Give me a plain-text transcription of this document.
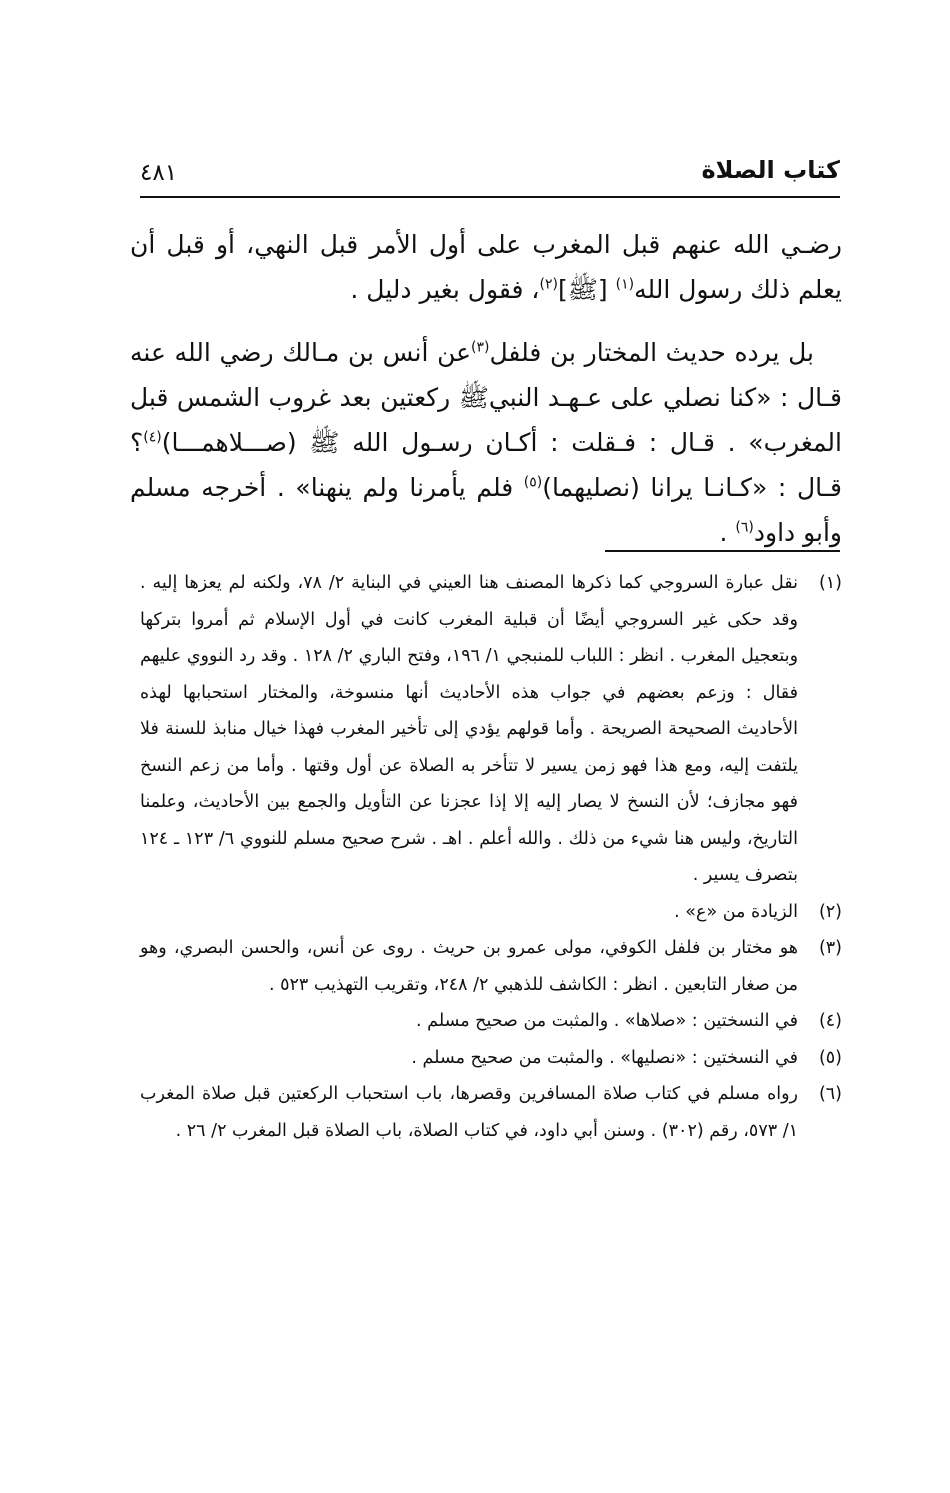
كتاب الصلاة
٤٨١

رضـي الله عنهم قبل المغرب على أول الأمر قبل النهي، أو قبل أن يعلم ذلك رسول الله$^{(١)}$ [ﷺ]$^{(٢)}$، فقول بغير دليل .

بل يرده حديث المختار بن فلفل$^{(٣)}$عن أنس بن مـالك رضي الله عنه قـال : «كنا نصلي على عـهـد النبيﷺ ركعتين بعد غروب الشمس قبل المغرب» . قـال : فـقلت : أكـان رسـول الله ﷺ (صـــلاهمـــا)$^{(٤)}$؟ قـال : «كـانـا يرانا (نصليهما)$^{(٥)}$ فلم يأمرنا ولم ينهنا» . أخرجه مسلم وأبو داود$^{(٦)}$ .

(١)
نقل عبارة السروجي كما ذكرها المصنف هنا العيني في البناية ٢/ ٧٨، ولكنه لم يعزها إليه . وقد حكى غير السروجي أيضًا أن قبلية المغرب كانت في أول الإسلام ثم أمروا بتركها وبتعجيل المغرب . انظر : اللباب للمنبجي ١/ ١٩٦، وفتح الباري ٢/ ١٢٨ . وقد رد النووي عليهم فقال : وزعم بعضهم في جواب هذه الأحاديث أنها منسوخة، والمختار استحبابها لهذه الأحاديث الصحيحة الصريحة . وأما قولهم يؤدي إلى تأخير المغرب فهذا خيال منابذ للسنة فلا يلتفت إليه، ومع هذا فهو زمن يسير لا تتأخر به الصلاة عن أول وقتها . وأما من زعم النسخ فهو مجازف؛ لأن النسخ لا يصار إليه إلا إذا عجزنا عن التأويل والجمع بين الأحاديث، وعلمنا التاريخ، وليس هنا شيء من ذلك . والله أعلم . اهـ . شرح صحيح مسلم للنووي ٦/ ١٢٣ ـ ١٢٤ بتصرف يسير .
(٢)
الزيادة من «ع» .
(٣)
هو مختار بن فلفل الكوفي، مولى عمرو بن حريث . روى عن أنس، والحسن البصري، وهو من صغار التابعين . انظر : الكاشف للذهبي ٢/ ٢٤٨، وتقريب التهذيب ٥٢٣ .
(٤)
في النسختين : «صلاها» . والمثبت من صحيح مسلم .
(٥)
في النسختين : «نصليها» . والمثبت من صحيح مسلم .
(٦)
رواه مسلم في كتاب صلاة المسافرين وقصرها، باب استحباب الركعتين قبل صلاة المغرب ١/ ٥٧٣، رقم (٣٠٢) . وسنن أبي داود، في كتاب الصلاة، باب الصلاة قبل المغرب ٢/ ٢٦ .
